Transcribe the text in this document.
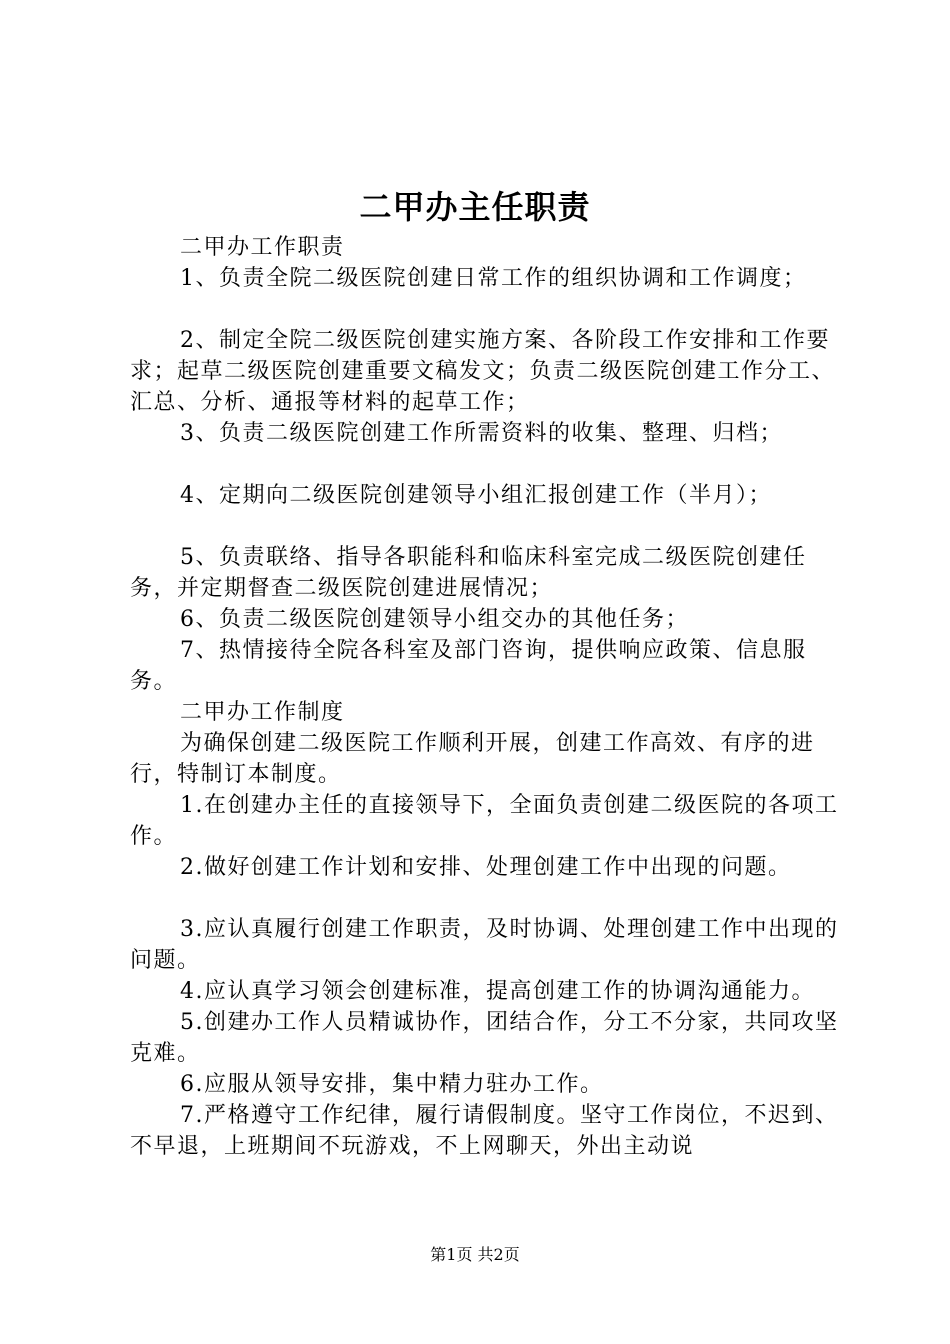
二甲办主任职责

二甲办工作职责

1、负责全院二级医院创建日常工作的组织协调和工作调度；

2、制定全院二级医院创建实施方案、各阶段工作安排和工作要求；起草二级医院创建重要文稿发文；负责二级医院创建工作分工、汇总、分析、通报等材料的起草工作；

3、负责二级医院创建工作所需资料的收集、整理、归档；

4、定期向二级医院创建领导小组汇报创建工作（半月）；

5、负责联络、指导各职能科和临床科室完成二级医院创建任务，并定期督查二级医院创建进展情况；

6、负责二级医院创建领导小组交办的其他任务；

7、热情接待全院各科室及部门咨询，提供响应政策、信息服务。

二甲办工作制度

为确保创建二级医院工作顺利开展，创建工作高效、有序的进行，特制订本制度。

1.在创建办主任的直接领导下，全面负责创建二级医院的各项工作。

2.做好创建工作计划和安排、处理创建工作中出现的问题。

3.应认真履行创建工作职责，及时协调、处理创建工作中出现的问题。

4.应认真学习领会创建标准，提高创建工作的协调沟通能力。

5.创建办工作人员精诚协作，团结合作，分工不分家，共同攻坚克难。

6.应服从领导安排，集中精力驻办工作。

7.严格遵守工作纪律，履行请假制度。坚守工作岗位，不迟到、不早退，上班期间不玩游戏，不上网聊天，外出主动说

第1页 共2页
